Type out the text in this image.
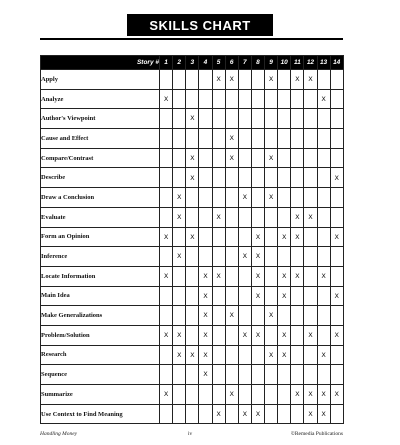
SKILLS CHART
Story #	1	2	3	4	5	6	7	8	9	10	11	12	13	14
Apply					X	X			X		X	X		
Analyze	X												X	
Author's Viewpoint			X											
Cause and Effect						X								
Compare/Contrast			X			X			X					
Describe			X											X
Draw a Conclusion		X					X		X					
Evaluate		X			X						X	X		
Form an Opinion	X		X					X		X	X			X
Inference		X					X	X						
Locate Information	X			X	X			X		X	X		X	
Main Idea				X				X		X				X
Make Generalizations				X		X			X					
Problem/Solution	X	X		X			X	X		X		X		X
Research		X	X	X					X	X			X	
Sequence				X										
Summarize	X					X					X	X	X	X
Use Context to Find Meaning					X		X	X				X	X	
Handling Money	iv	©Remedia Publications
